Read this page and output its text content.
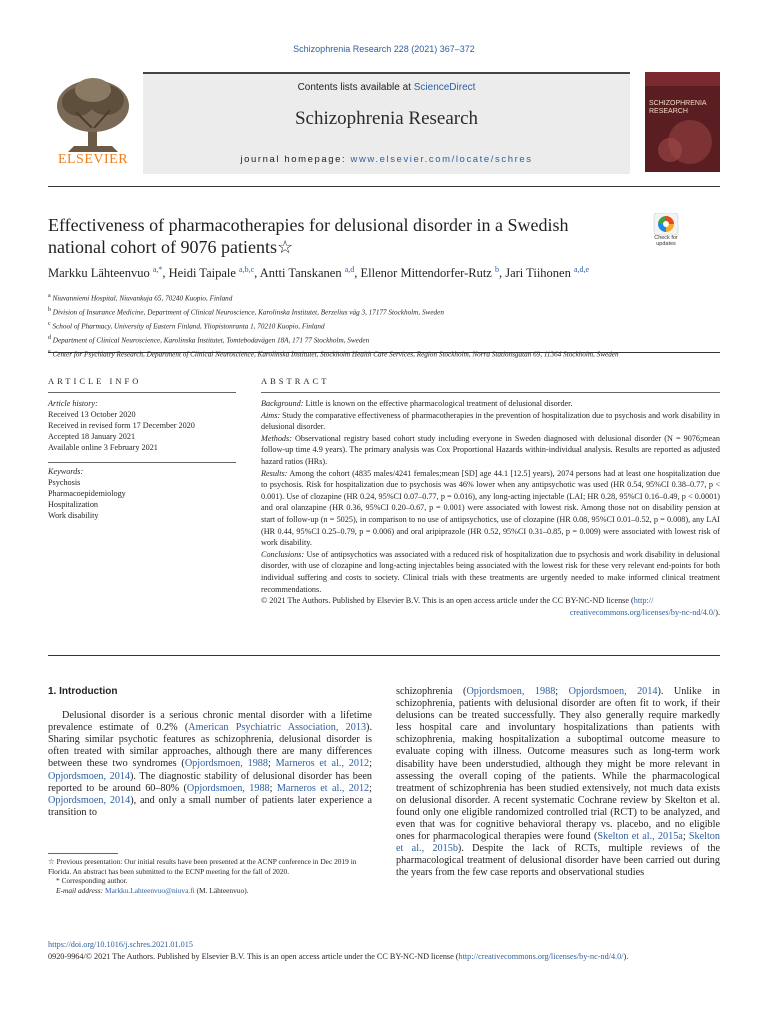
Schizophrenia Research 228 (2021) 367–372
ELSEVIER
Contents lists available at ScienceDirect
Schizophrenia Research
journal homepage: www.elsevier.com/locate/schres
SCHIZOPHRENIA RESEARCH
Effectiveness of pharmacotherapies for delusional disorder in a Swedish national cohort of 9076 patients☆	Check for updates
Markku Lähteenvuo $^{a,*}$, Heidi Taipale $^{a,b,c}$, Antti Tanskanen $^{a,d}$, Ellenor Mittendorfer-Rutz $^b$, Jari Tiihonen $^{a,d,e}$
$^a$ Niuvanniemi Hospital, Niuvankuja 65, 70240 Kuopio, Finland
$^b$ Division of Insurance Medicine, Department of Clinical Neuroscience, Karolinska Institutet, Berzelius väg 3, 17177 Stockholm, Sweden
$^c$ School of Pharmacy, University of Eastern Finland, Yliopistonranta 1, 70210 Kuopio, Finland
$^d$ Department of Clinical Neuroscience, Karolinska Institutet, Tomtebodavägen 18A, 171 77 Stockholm, Sweden
$^e$ Center for Psychiatry Research, Department of Clinical Neuroscience, Karolinska Institutet, Stockholm Health Care Services, Region Stockholm, Norra Stationsgatan 69, 11364 Stockholm, Sweden
ARTICLE INFO
Article history:
Received 13 October 2020
Received in revised form 17 December 2020
Accepted 18 January 2021
Available online 3 February 2021
Keywords:
Psychosis
Pharmacoepidemiology
Hospitalization
Work disability
ABSTRACT

Background: Little is known on the effective pharmacological treatment of delusional disorder.

Aims: Study the comparative effectiveness of pharmacotherapies in the prevention of hospitalization due to psychosis and work disability in delusional disorder.

Methods: Observational registry based cohort study including everyone in Sweden diagnosed with delusional disorder (N = 9076;mean follow-up time 4.9 years). The primary analysis was Cox Proportional Hazards within-individual analysis. Results are reported as adjusted hazard ratios (HRs).

Results: Among the cohort (4835 males/4241 females;mean [SD] age 44.1 [12.5] years), 2074 persons had at least one hospitalization due to psychosis. Risk for hospitalization due to psychosis was 46% lower when any antipsychotic was used (HR 0.54, 95%CI 0.38–0.77, p < 0.001). Use of clozapine (HR 0.24, 95%CI 0.07–0.77, p = 0.016), any long-acting injectable (LAI; HR 0.28, 95%CI 0.16–0.49, p < 0.0001) and oral olanzapine (HR 0.36, 95%CI 0.20–0.67, p = 0.001) were associated with lowest risk. Among those not on disability pension at start of follow-up (n = 5025), in comparison to no use of antipsychotics, use of clozapine (HR 0.08, 95%CI 0.01–0.52, p = 0.008), any LAI (HR 0.44, 95%CI 0.25–0.79, p = 0.006) and oral aripiprazole (HR 0.52, 95%CI 0.31–0.85, p = 0.009) were associated with lowest risk of work disability.

Conclusions: Use of antipsychotics was associated with a reduced risk of hospitalization due to psychosis and work disability in delusional disorder, with use of clozapine and long-acting injectables being associated with the lowest risk for these very relevant end-points for both individual suffering and costs to society. Clinical trials with these treatments are urgently needed to make informed clinical treatment recommendations.

© 2021 The Authors. Published by Elsevier B.V. This is an open access article under the CC BY-NC-ND license (http://

creativecommons.org/licenses/by-nc-nd/4.0/).

1. Introduction

Delusional disorder is a serious chronic mental disorder with a lifetime prevalence estimate of 0.2% (American Psychiatric Association, 2013). Sharing similar psychotic features as schizophrenia, delusional disorder is often treated with similar approaches, although there are many differences between these two syndromes (Opjordsmoen, 1988; Marneros et al., 2012; Opjordsmoen, 2014). The diagnostic stability of delusional disorder has been reported to be around 60–80% (Opjordsmoen, 1988; Marneros et al., 2012; Opjordsmoen, 2014), and only a small number of patients later experience a transition to

☆ Previous presentation: Our initial results have been presented at the ACNP conference in Dec 2019 in Florida. An abstract has been submitted to the ECNP meeting for the fall of 2020.

* Corresponding author.

E-mail address: Markku.Lahteenvuo@niuva.fi (M. Lähteenvuo).

schizophrenia (Opjordsmoen, 1988; Opjordsmoen, 2014). Unlike in schizophrenia, patients with delusional disorder are often fit to work, if their delusions can be treated successfully. They also generally require markedly less hospital care and involuntary hospitalizations than patients with schizophrenia, making hospitalization a suboptimal outcome measure to evaluate coping with illness. Outcome measures such as long-term work disability have been understudied, although they might be more relevant in assessing the overall coping of the patients. While the pharmacological treatment of schizophrenia has been studied extensively, not much data exists on delusional disorder. A recent systematic Cochrane review by Skelton et al. found only one eligible randomized controlled trial (RCT) to be analyzed, and even that was for cognitive behavioral therapy vs. placebo, and no eligible ones for pharmacological therapies were found (Skelton et al., 2015a; Skelton et al., 2015b). Despite the lack of RCTs, multiple reviews of the pharmacological treatment of delusional disorder have been carried out during the years from the few case reports and observational studies

https://doi.org/10.1016/j.schres.2021.01.015
0920-9964/© 2021 The Authors. Published by Elsevier B.V. This is an open access article under the CC BY-NC-ND license (http://creativecommons.org/licenses/by-nc-nd/4.0/).
